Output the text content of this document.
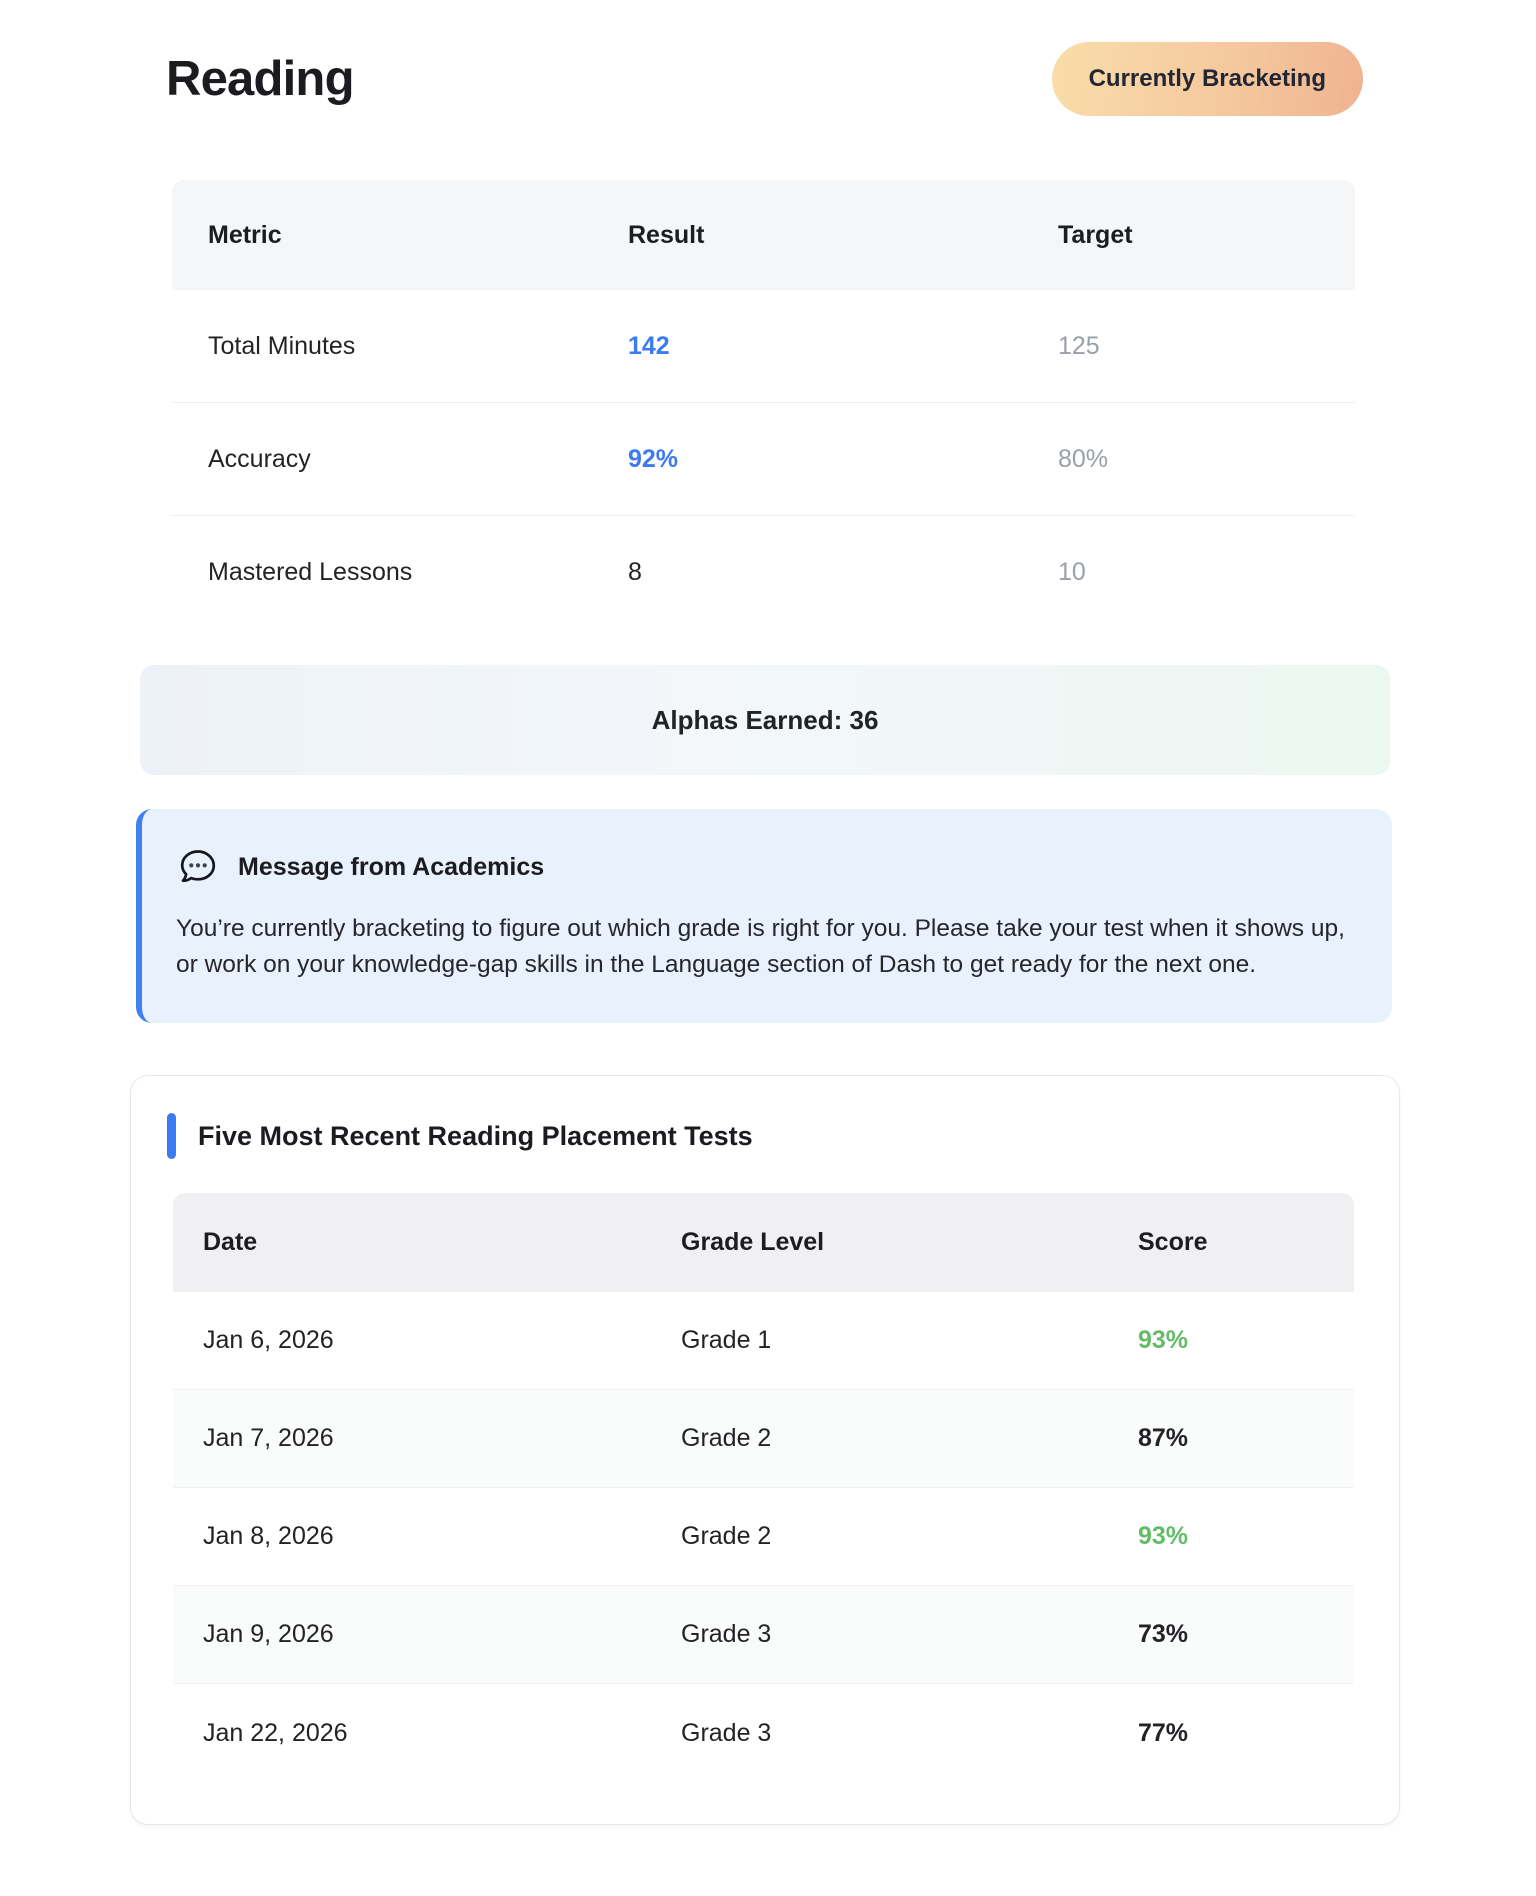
Reading	Currently Bracketing
Metric	Result	Target
Total Minutes	142	125
Accuracy	92%	80%
Mastered Lessons	8	10
Alphas Earned: 36
Message from Academics
You’re currently bracketing to figure out which grade is right for you. Please take your test when it shows up, or work on your knowledge-gap skills in the Language section of Dash to get ready for the next one.
Five Most Recent Reading Placement Tests
Date	Grade Level	Score
Jan 6, 2026	Grade 1	93%
Jan 7, 2026	Grade 2	87%
Jan 8, 2026	Grade 2	93%
Jan 9, 2026	Grade 3	73%
Jan 22, 2026	Grade 3	77%
